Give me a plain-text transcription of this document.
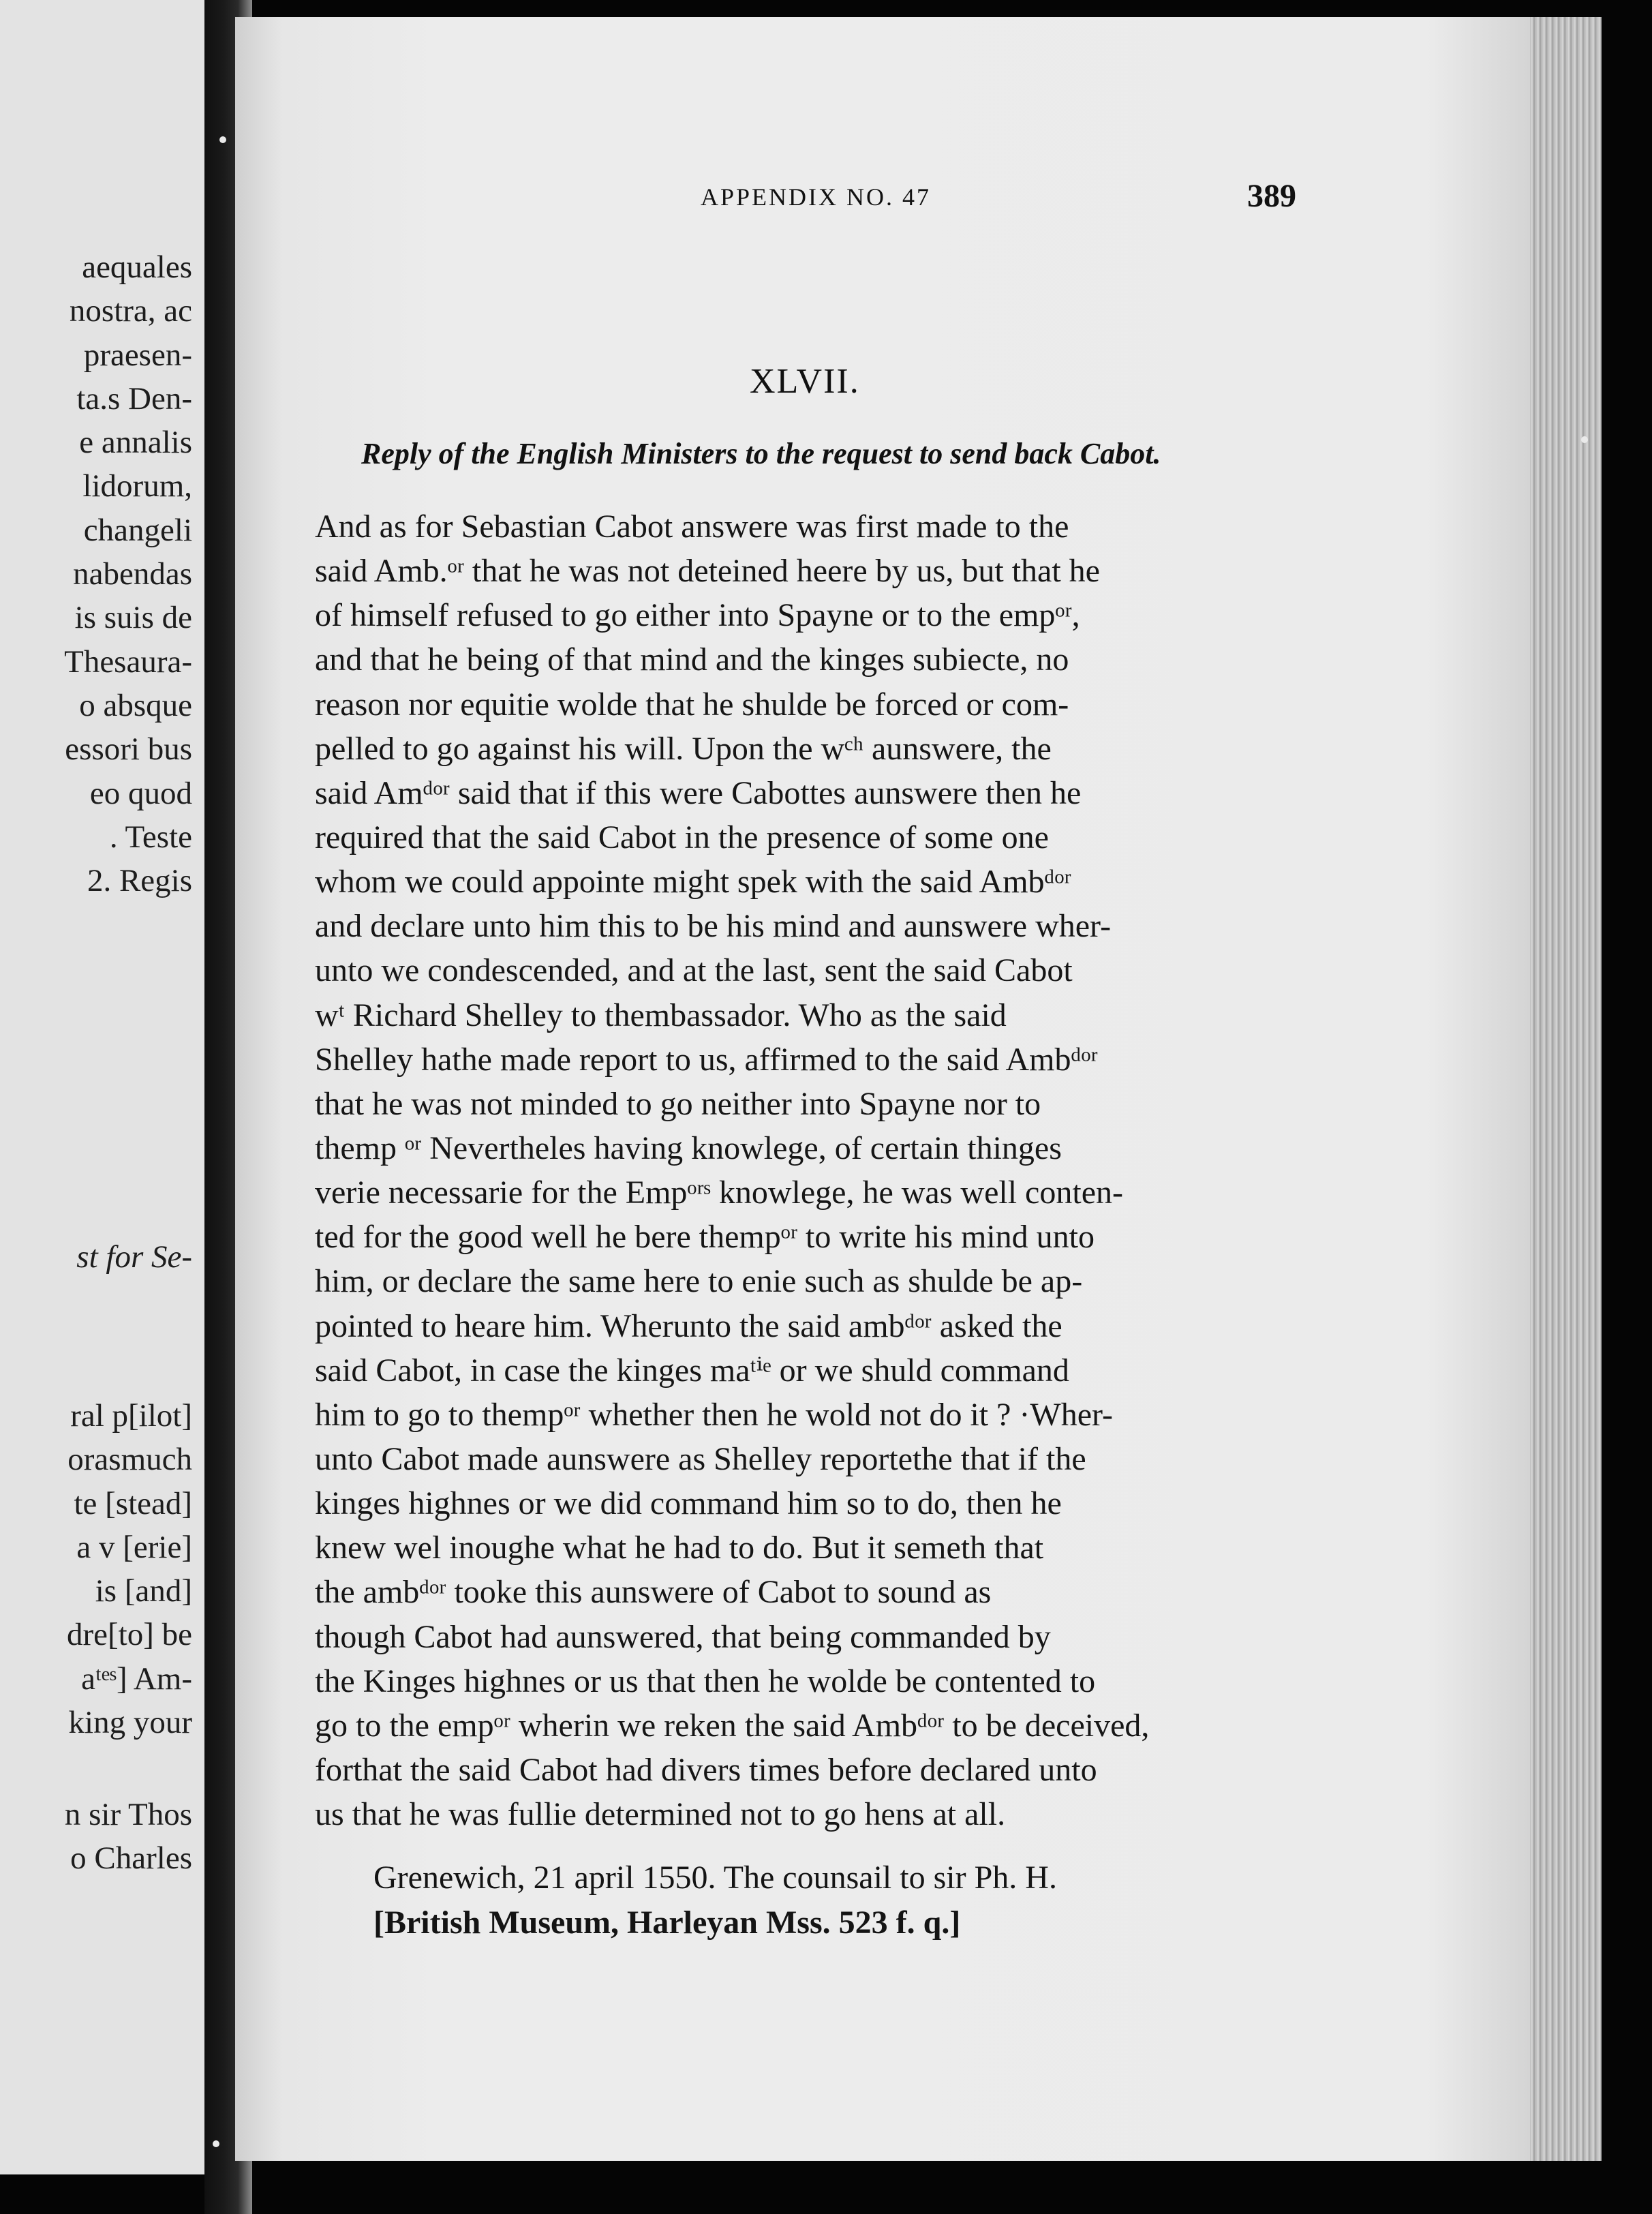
aequales
nostra, ac
praesen-
ta.s Den-
e annalis
lidorum,
changeli
nabendas
is suis de
Thesaura-
o absque
essori bus
eo quod
. Teste
2. Regis
st for Se-
ral p[ilot]
orasmuch
te [stead]
a v [erie]
is [and]
dre[to] be
aᵗᵉˢ] Am-
king your
n sir Thos
o Charles
APPENDIX NO. 47	389
XLVII.
Reply of the English Ministers to the request to send back Cabot.
And as for Sebastian Cabot answere was first made to the
said Amb.ᵒʳ that he was not deteined heere by us, but that he
of himself refused to go either into Spayne or to the empᵒʳ,
and that he being of that mind and the kinges subiecte, no
reason nor equitie wolde that he shulde be forced or com-
pelled to go against his will. Upon the wᶜʰ aunswere, the
said Amᵈᵒʳ said that if this were Cabottes aunswere then he
required that the said Cabot in the presence of some one
whom we could appointe might spek with the said Ambᵈᵒʳ
and declare unto him this to be his mind and aunswere wher-
unto we condescended, and at the last, sent the said Cabot
wᵗ Richard Shelley to thembassador. Who as the said
Shelley hathe made report to us, affirmed to the said Ambᵈᵒʳ
that he was not minded to go neither into Spayne nor to
themp ᵒʳ Nevertheles having knowlege, of certain thinges
verie necessarie for the Empᵒʳˢ knowlege, he was well conten-
ted for the good well he bere thempᵒʳ to write his mind unto
him, or declare the same here to enie such as shulde be ap-
pointed to heare him. Wherunto the said ambᵈᵒʳ asked the
said Cabot, in case the kinges maᵗⁱᵉ or we shuld command
him to go to thempᵒʳ whether then he wold not do it ? ·Wher-
unto Cabot made aunswere as Shelley reportethe that if the
kinges highnes or we did command him so to do, then he
knew wel inoughe what he had to do. But it semeth that
the ambᵈᵒʳ tooke this aunswere of Cabot to sound as
though Cabot had aunswered, that being commanded by
the Kinges highnes or us that then he wolde be contented to
go to the empᵒʳ wherin we reken the said Ambᵈᵒʳ to be deceived,
forthat the said Cabot had divers times before declared unto
us that he was fullie determined not to go hens at all.
Grenewich, 21 april 1550. The counsail to sir Ph. H.
[British Museum, Harleyan Mss. 523 f. q.]
